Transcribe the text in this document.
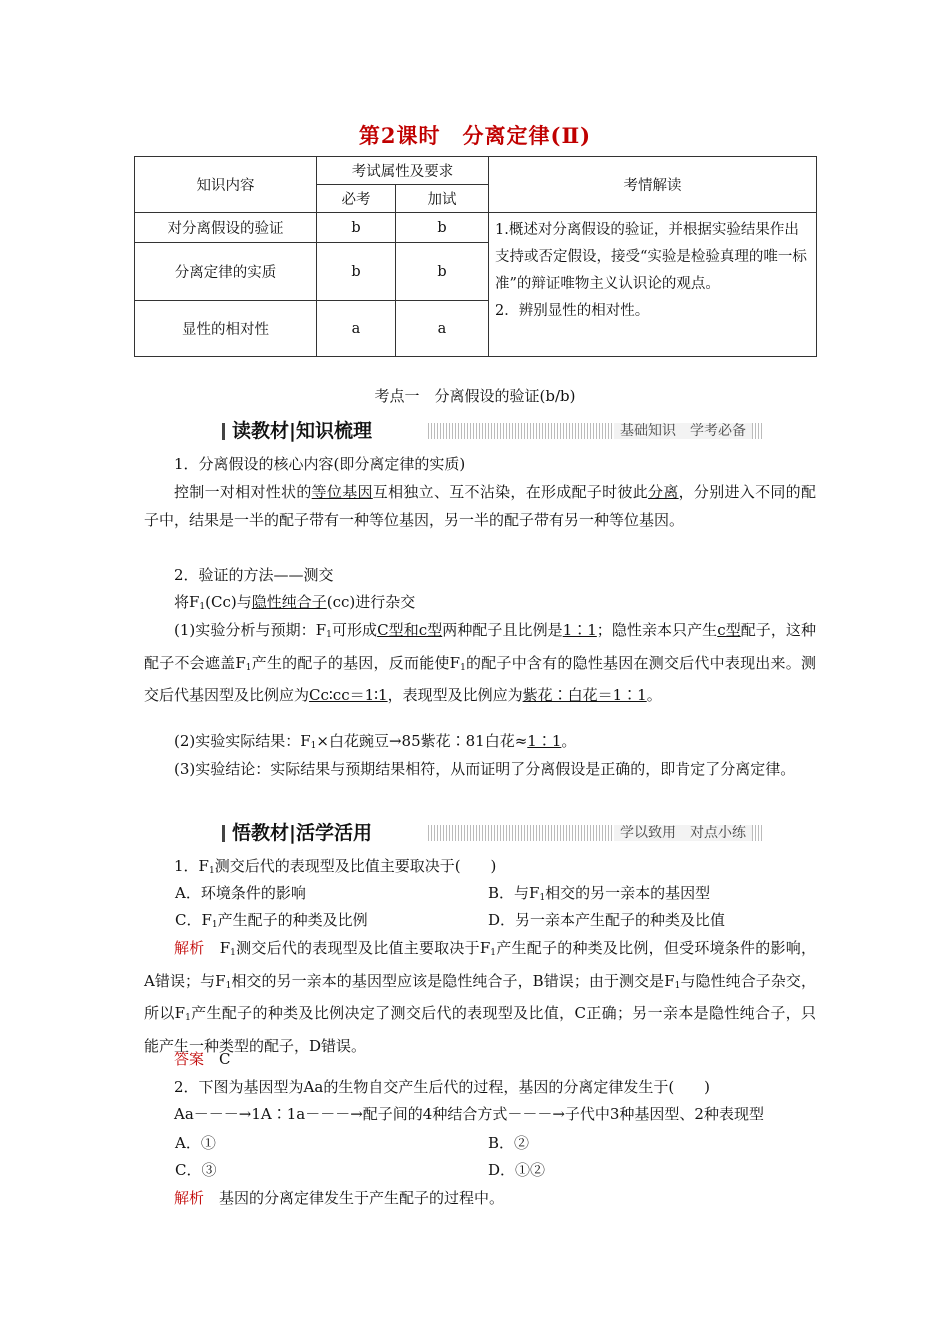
第2课时　分离定律(Ⅱ)
知识内容	考试属性及要求		考情解读
	必考	加试	
对分离假设的验证	b	b	1.概述对分离假设的验证，并根据实验结果作出支持或否定假设，接受“实验是检验真理的唯一标准”的辩证唯物主义认识论的观点。
2．辨别显性的相对性。

分离定律的实质	b	b	
显性的相对性	a	a	
考点一　分离假设的验证(b/b)
读教材|知识梳理	基础知识　学考必备
1．分离假设的核心内容(即分离定律的实质)
控制一对相对性状的等位基因互相独立、互不沾染，在形成配子时彼此分离，分别进入不同的配子中，结果是一半的配子带有一种等位基因，另一半的配子带有另一种等位基因。
2．验证的方法——测交
将$F_1(Cc)$与隐性纯合子(cc)进行杂交
(1)实验分析与预期：$F_1$可形成C型和c型两种配子且比例是1∶1；隐性亲本只产生c型配子，这种配子不会遮盖$F_1$产生的配子的基因，反而能使$F_1$的配子中含有的隐性基因在测交后代中表现出来。测交后代基因型及比例应为Cc∶cc＝1∶1，表现型及比例应为紫花∶白花＝1∶1。
(2)实验实际结果：$F_1\times$白花豌豆→85紫花∶81白花≈1∶1。
(3)实验结论：实际结果与预期结果相符，从而证明了分离假设是正确的，即肯定了分离定律。
悟教材|活学活用	学以致用　对点小练
1．$F_1$测交后代的表现型及比值主要取决于(　　)
A．环境条件的影响	B．与$F_1$相交的另一亲本的基因型
C．$F_1$产生配子的种类及比例	D．另一亲本产生配子的种类及比值
解析　$F_1$测交后代的表现型及比值主要取决于$F_1$产生配子的种类及比例，但受环境条件的影响，A错误；与$F_1$相交的另一亲本的基因型应该是隐性纯合子，B错误；由于测交是$F_1$与隐性纯合子杂交，所以$F_1$产生配子的种类及比例决定了测交后代的表现型及比值，C正确；另一亲本是隐性纯合子，只能产生一种类型的配子，D错误。
答案　C
2．下图为基因型为Aa的生物自交产生后代的过程，基因的分离定律发生于(　　)
Aa－－－→1A∶1a－－－→配子间的4种结合方式－－－→子代中3种基因型、2种表现型
A．①	B．②
C．③	D．①②
解析　基因的分离定律发生于产生配子的过程中。
